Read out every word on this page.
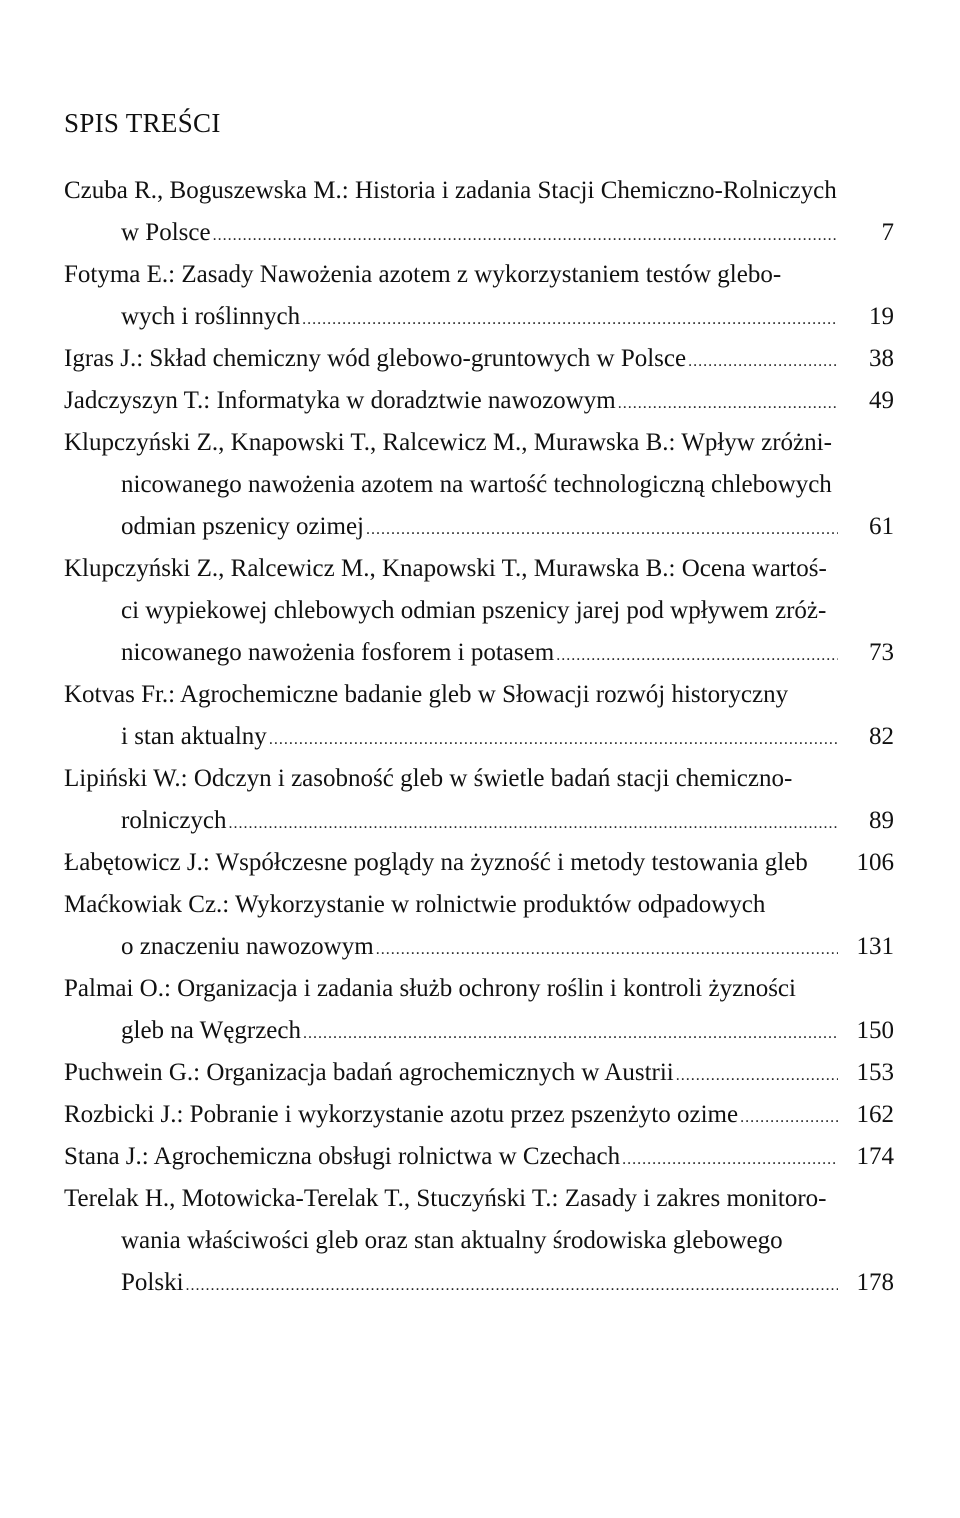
SPIS TREŚCI
Czuba R., Boguszewska M.: Historia i zadania Stacji Chemiczno-Rolniczych
w Polsce .....	7
Fotyma E.: Zasady Nawożenia azotem z wykorzystaniem testów glebo-
wych i roślinnych .....	19
Igras J.: Skład chemiczny wód glebowo-gruntowych w Polsce .....	38
Jadczyszyn T.: Informatyka w doradztwie nawozowym .....	49
Klupczyński Z., Knapowski T., Ralcewicz M., Murawska B.: Wpływ zróżni-
nicowanego nawożenia azotem na wartość technologiczną chlebowych
odmian pszenicy ozimej .....	61
Klupczyński Z., Ralcewicz M., Knapowski T., Murawska B.: Ocena wartoś-
ci wypiekowej chlebowych odmian pszenicy jarej pod wpływem zróż-
nicowanego nawożenia fosforem i potasem .....	73
Kotvas Fr.: Agrochemiczne badanie gleb w Słowacji rozwój historyczny
i stan aktualny .....	82
Lipiński W.: Odczyn i zasobność gleb w świetle badań stacji chemiczno-
rolniczych .....	89
Łabętowicz J.: Współczesne poglądy na żyzność i metody testowania gleb	106
Maćkowiak Cz.: Wykorzystanie w rolnictwie produktów odpadowych
o znaczeniu nawozowym .....	131
Palmai O.: Organizacja i zadania służb ochrony roślin i kontroli żyzności
gleb na Węgrzech .....	150
Puchwein G.: Organizacja badań agrochemicznych w Austrii .....	153
Rozbicki J.: Pobranie i wykorzystanie azotu przez pszenżyto ozime .....	162
Stana J.: Agrochemiczna obsługi rolnictwa w Czechach .....	174
Terelak H., Motowicka-Terelak T., Stuczyński T.: Zasady i zakres monitoro-
wania właściwości gleb oraz stan aktualny środowiska glebowego
Polski .....	178
